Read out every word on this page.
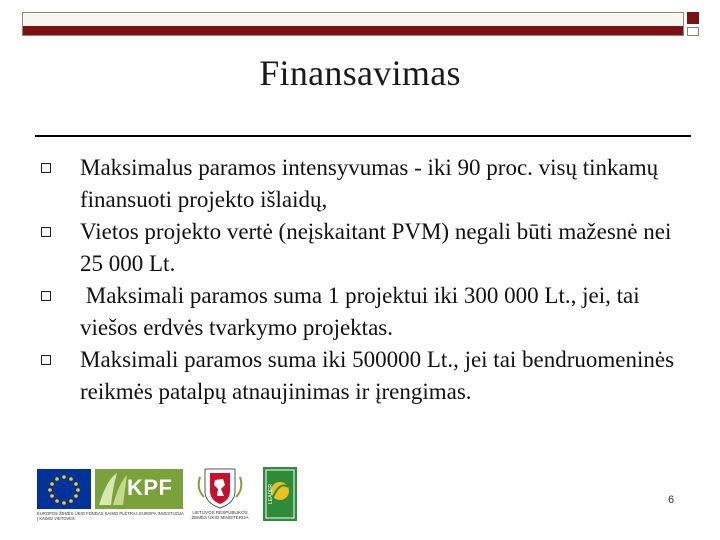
Finansavimas
Maksimalus paramos intensyvumas - iki 90 proc. visų tinkamų finansuoti projekto išlaidų,
Vietos projekto vertė (neįskaitant PVM) negali būti mažesnė nei 25 000 Lt.
Maksimali paramos suma 1 projektui iki 300 000 Lt., jei, tai viešos erdvės tvarkymo projektas.
Maksimali paramos suma iki 500000 Lt., jei tai bendruomeninės reikmės patalpų atnaujinimas ir įrengimas.
KPF
EUROPOS ŽEMĖS ŪKIO FONDAS KAIMO PLĖTRAI: EUROPA INVESTUOJA Į KAIMO VIETOVES
LIETUVOS RESPUBLIKOS ŽEMĖS ŪKIO MINISTERIJA
LEADER	6
